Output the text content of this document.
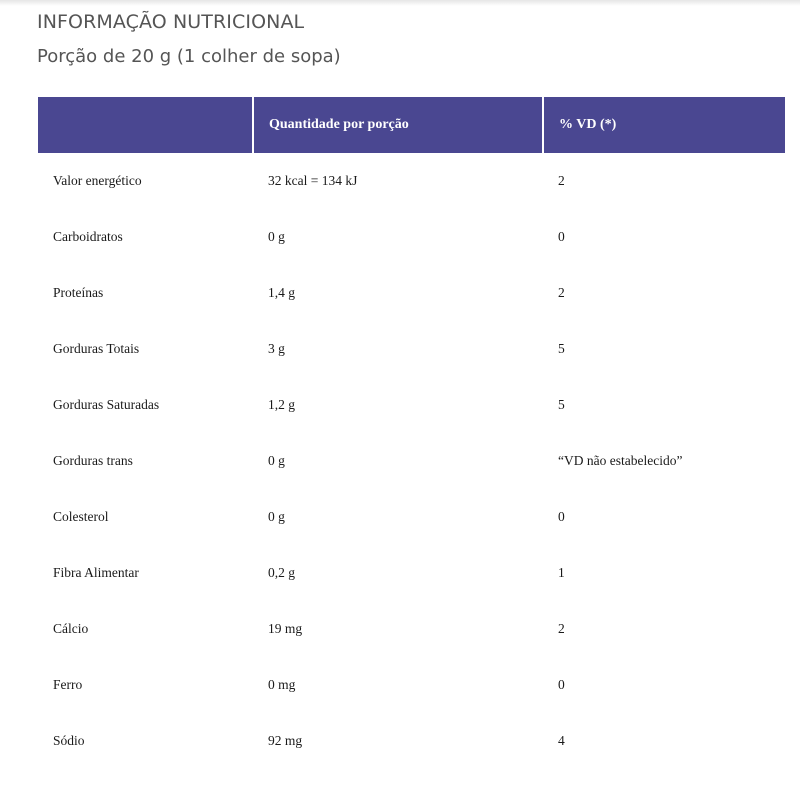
INFORMAÇÃO NUTRICIONAL
Porção de 20 g (1 colher de sopa)
	Quantidade por porção	% VD (*)
Valor energético	32 kcal = 134 kJ	2
Carboidratos	0 g	0
Proteínas	1,4 g	2
Gorduras Totais	3 g	5
Gorduras Saturadas	1,2 g	5
Gorduras trans	0 g	“VD não estabelecido”
Colesterol	0 g	0
Fibra Alimentar	0,2 g	1
Cálcio	19 mg	2
Ferro	0 mg	0
Sódio	92 mg	4
